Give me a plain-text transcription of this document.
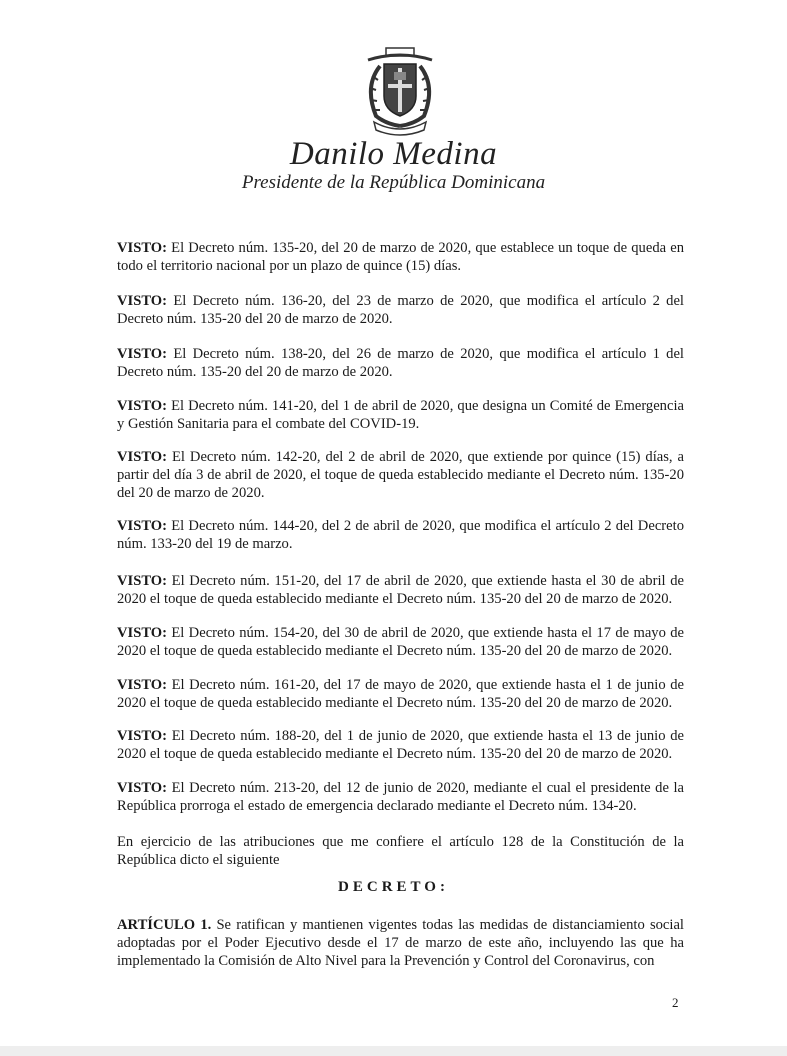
Danilo Medina
Presidente de la República Dominicana

VISTO: El Decreto núm. 135-20, del 20 de marzo de 2020, que establece un toque de queda en todo el territorio nacional por un plazo de quince (15) días.

VISTO: El Decreto núm. 136-20, del 23 de marzo de 2020, que modifica el artículo 2 del Decreto núm. 135-20 del 20 de marzo de 2020.

VISTO: El Decreto núm. 138-20, del 26 de marzo de 2020, que modifica el artículo 1 del Decreto núm. 135-20 del 20 de marzo de 2020.

VISTO: El Decreto núm. 141-20, del 1 de abril de 2020, que designa un Comité de Emergencia y Gestión Sanitaria para el combate del COVID-19.

VISTO: El Decreto núm. 142-20, del 2 de abril de 2020, que extiende por quince (15) días, a partir del día 3 de abril de 2020, el toque de queda establecido mediante el Decreto núm. 135-20 del 20 de marzo de 2020.

VISTO: El Decreto núm. 144-20, del 2 de abril de 2020, que modifica el artículo 2 del Decreto núm. 133-20 del 19 de marzo.

VISTO: El Decreto núm. 151-20, del 17 de abril de 2020, que extiende hasta el 30 de abril de 2020 el toque de queda establecido mediante el Decreto núm. 135-20 del 20 de marzo de 2020.

VISTO: El Decreto núm. 154-20, del 30 de abril de 2020, que extiende hasta el 17 de mayo de 2020 el toque de queda establecido mediante el Decreto núm. 135-20 del 20 de marzo de 2020.

VISTO: El Decreto núm. 161-20, del 17 de mayo de 2020, que extiende hasta el 1 de junio de 2020 el toque de queda establecido mediante el Decreto núm. 135-20 del 20 de marzo de 2020.

VISTO: El Decreto núm. 188-20, del 1 de junio de 2020, que extiende hasta el 13 de junio de 2020 el toque de queda establecido mediante el Decreto núm. 135-20 del 20 de marzo de 2020.

VISTO: El Decreto núm. 213-20, del 12 de junio de 2020, mediante el cual el presidente de la República prorroga el estado de emergencia declarado mediante el Decreto núm. 134-20.

En ejercicio de las atribuciones que me confiere el artículo 128 de la Constitución de la República dicto el siguiente

ARTÍCULO 1. Se ratifican y mantienen vigentes todas las medidas de distanciamiento social adoptadas por el Poder Ejecutivo desde el 17 de marzo de este año, incluyendo las que ha implementado la Comisión de Alto Nivel para la Prevención y Control del Coronavirus, con

DECRETO:
2
